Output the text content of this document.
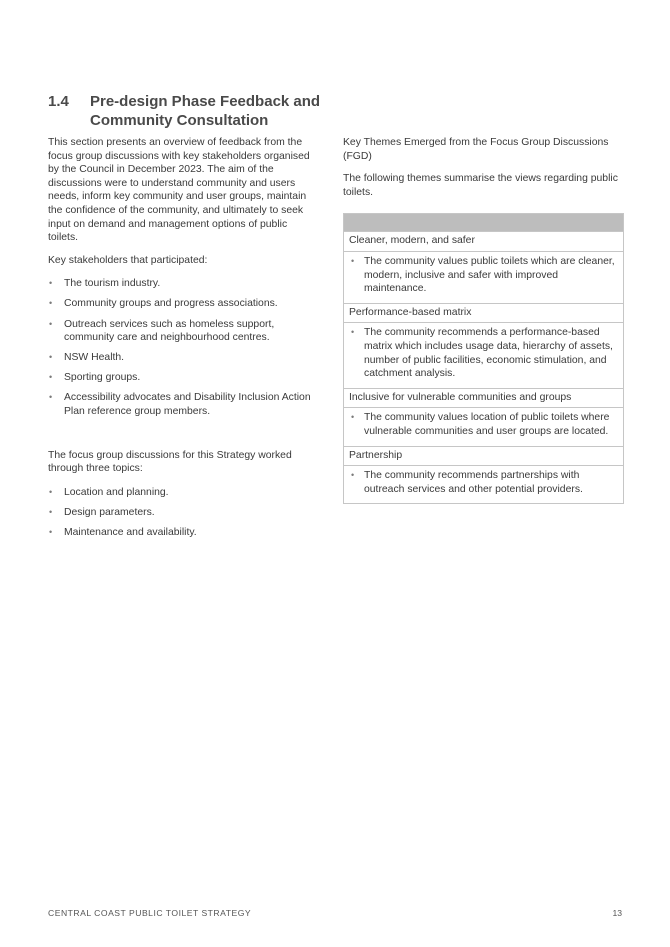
1.4 Pre-design Phase Feedback and Community Consultation

This section presents an overview of feedback from the focus group discussions with key stakeholders organised by the Council in December 2023. The aim of the discussions were to understand community and users needs, inform key community and user groups, maintain the confidence of the community, and ultimately to seek input on demand and management options of public toilets.

Key stakeholders that participated:

• The tourism industry.
• Community groups and progress associations.
• Outreach services such as homeless support, community care and neighbourhood centres.
• NSW Health.
• Sporting groups.
• Accessibility advocates and Disability Inclusion Action Plan reference group members.

The focus group discussions for this Strategy worked through three topics:

• Location and planning.
• Design parameters.
• Maintenance and availability.

Key Themes Emerged from the Focus Group Discussions (FGD)

The following themes summarise the views regarding public toilets.

Cleaner, modern, and safer
• The community values public toilets which are cleaner, modern, inclusive and safer with improved maintenance.
Performance-based matrix
• The community recommends a performance-based matrix which includes usage data, hierarchy of assets, number of public facilities, economic stimulation, and catchment analysis.
Inclusive for vulnerable communities and groups
• The community values location of public toilets where vulnerable communities and user groups are located.
Partnership
• The community recommends partnerships with outreach services and other potential providers.
CENTRAL COAST PUBLIC TOILET STRATEGY	13
